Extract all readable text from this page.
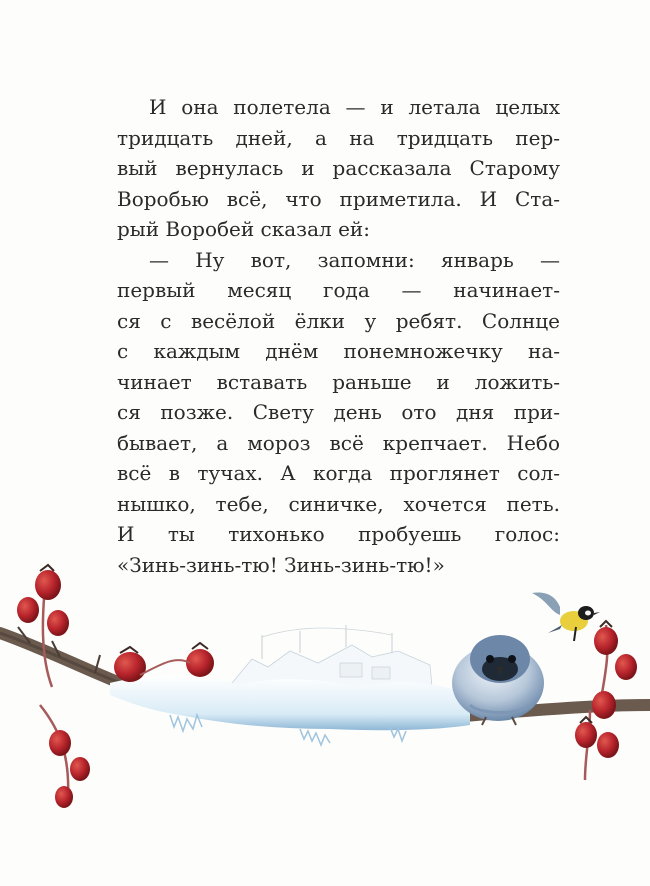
И она полетела — и летала целых
тридцать дней, а на тридцать пер-
вый вернулась и рассказала Старому
Воробью всё, что приметила. И Ста-
рый Воробей сказал ей:
— Ну вот, запомни: январь —
первый месяц года — начинает-
ся с весёлой ёлки у ребят. Солнце
с каждым днём понемножечку на-
чинает вставать раньше и ложить-
ся позже. Свету день ото дня при-
бывает, а мороз всё крепчает. Небо
всё в тучах. А когда проглянет сол-
нышко, тебе, синичке, хочется петь.
И ты тихонько пробуешь голос:
«Зинь-зинь-тю! Зинь-зинь-тю!»
